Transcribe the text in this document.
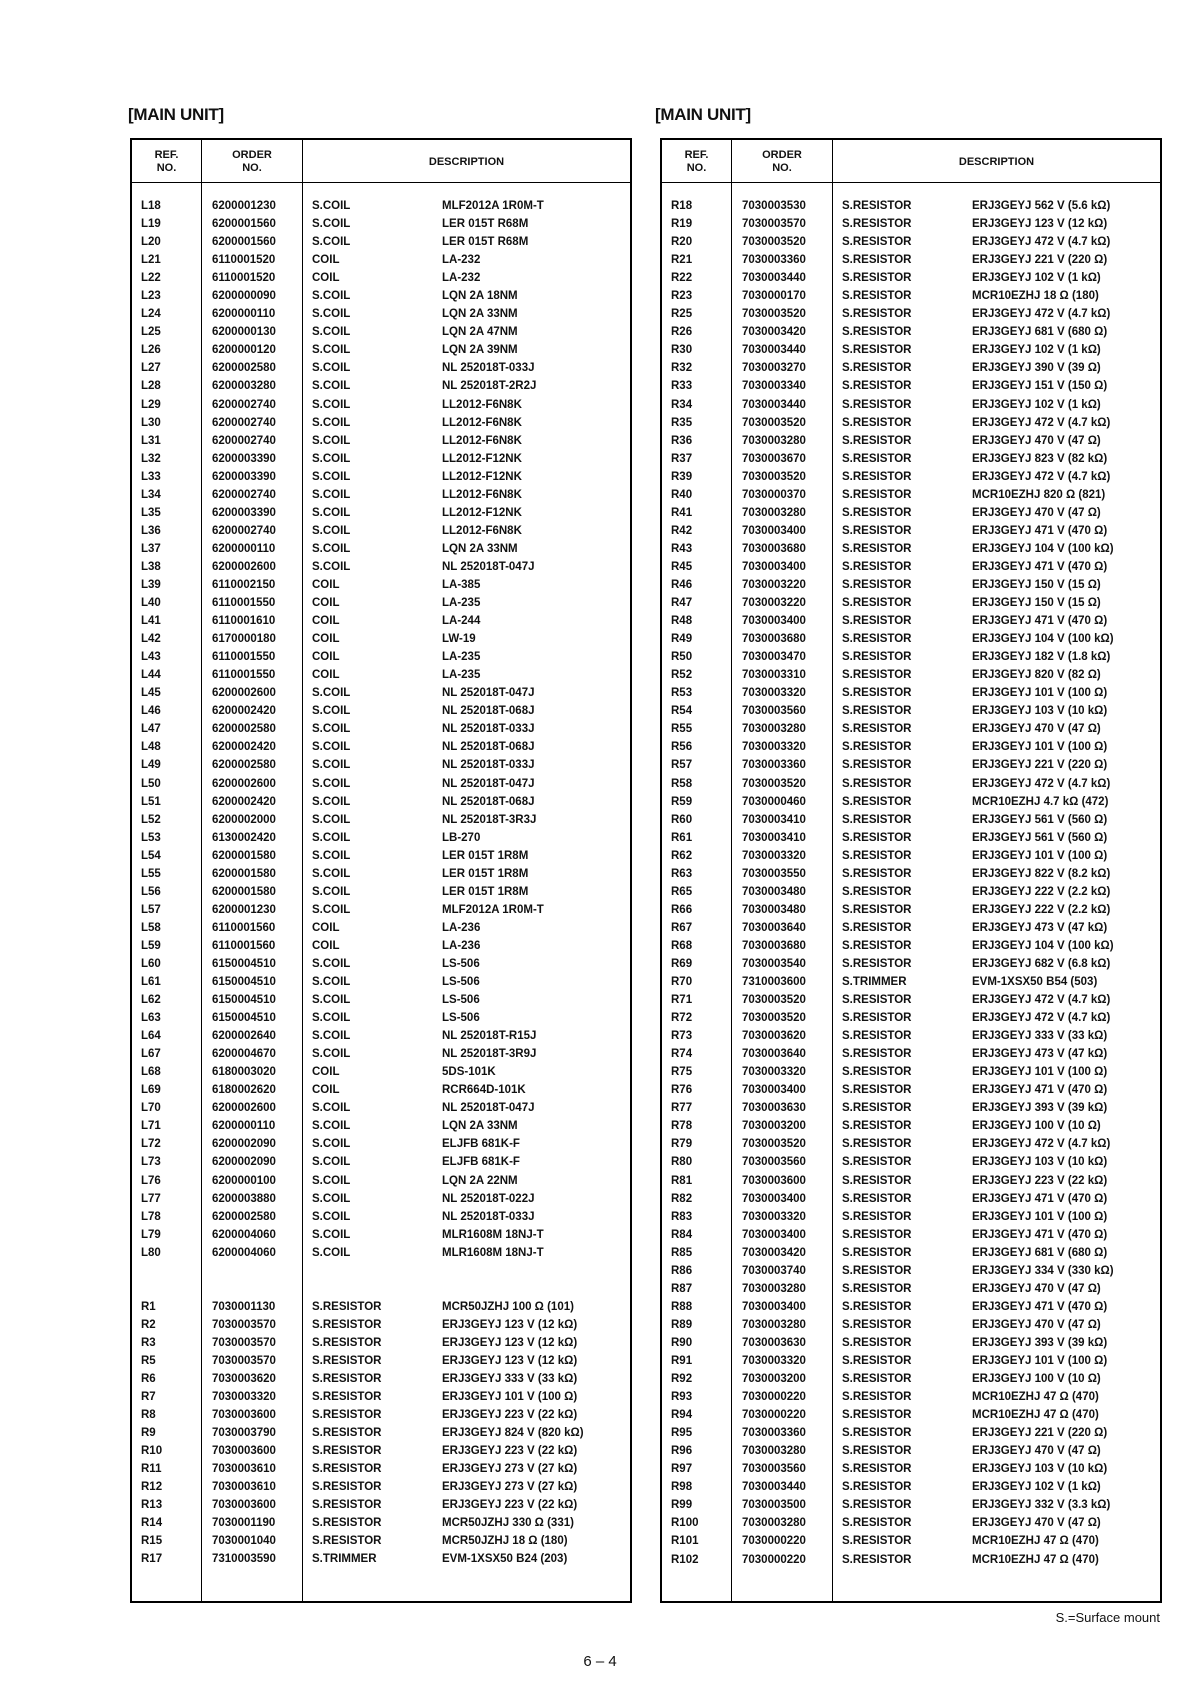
[MAIN UNIT]
REF.
NO.
ORDER
NO.
DESCRIPTION
L18	6200001230	S.COIL	MLF2012A 1R0M-T
L19	6200001560	S.COIL	LER 015T R68M
L20	6200001560	S.COIL	LER 015T R68M
L21	6110001520	COIL	LA-232
L22	6110001520	COIL	LA-232
L23	6200000090	S.COIL	LQN 2A 18NM
L24	6200000110	S.COIL	LQN 2A 33NM
L25	6200000130	S.COIL	LQN 2A 47NM
L26	6200000120	S.COIL	LQN 2A 39NM
L27	6200002580	S.COIL	NL 252018T-033J
L28	6200003280	S.COIL	NL 252018T-2R2J
L29	6200002740	S.COIL	LL2012-F6N8K
L30	6200002740	S.COIL	LL2012-F6N8K
L31	6200002740	S.COIL	LL2012-F6N8K
L32	6200003390	S.COIL	LL2012-F12NK
L33	6200003390	S.COIL	LL2012-F12NK
L34	6200002740	S.COIL	LL2012-F6N8K
L35	6200003390	S.COIL	LL2012-F12NK
L36	6200002740	S.COIL	LL2012-F6N8K
L37	6200000110	S.COIL	LQN 2A 33NM
L38	6200002600	S.COIL	NL 252018T-047J
L39	6110002150	COIL	LA-385
L40	6110001550	COIL	LA-235
L41	6110001610	COIL	LA-244
L42	6170000180	COIL	LW-19
L43	6110001550	COIL	LA-235
L44	6110001550	COIL	LA-235
L45	6200002600	S.COIL	NL 252018T-047J
L46	6200002420	S.COIL	NL 252018T-068J
L47	6200002580	S.COIL	NL 252018T-033J
L48	6200002420	S.COIL	NL 252018T-068J
L49	6200002580	S.COIL	NL 252018T-033J
L50	6200002600	S.COIL	NL 252018T-047J
L51	6200002420	S.COIL	NL 252018T-068J
L52	6200002000	S.COIL	NL 252018T-3R3J
L53	6130002420	S.COIL	LB-270
L54	6200001580	S.COIL	LER 015T 1R8M
L55	6200001580	S.COIL	LER 015T 1R8M
L56	6200001580	S.COIL	LER 015T 1R8M
L57	6200001230	S.COIL	MLF2012A 1R0M-T
L58	6110001560	COIL	LA-236
L59	6110001560	COIL	LA-236
L60	6150004510	S.COIL	LS-506
L61	6150004510	S.COIL	LS-506
L62	6150004510	S.COIL	LS-506
L63	6150004510	S.COIL	LS-506
L64	6200002640	S.COIL	NL 252018T-R15J
L67	6200004670	S.COIL	NL 252018T-3R9J
L68	6180003020	COIL	5DS-101K
L69	6180002620	COIL	RCR664D-101K
L70	6200002600	S.COIL	NL 252018T-047J
L71	6200000110	S.COIL	LQN 2A 33NM
L72	6200002090	S.COIL	ELJFB 681K-F
L73	6200002090	S.COIL	ELJFB 681K-F
L76	6200000100	S.COIL	LQN 2A 22NM
L77	6200003880	S.COIL	NL 252018T-022J
L78	6200002580	S.COIL	NL 252018T-033J
L79	6200004060	S.COIL	MLR1608M 18NJ-T
L80	6200004060	S.COIL	MLR1608M 18NJ-T
R1	7030001130	S.RESISTOR	MCR50JZHJ 100 Ω (101)
R2	7030003570	S.RESISTOR	ERJ3GEYJ 123 V (12 kΩ)
R3	7030003570	S.RESISTOR	ERJ3GEYJ 123 V (12 kΩ)
R5	7030003570	S.RESISTOR	ERJ3GEYJ 123 V (12 kΩ)
R6	7030003620	S.RESISTOR	ERJ3GEYJ 333 V (33 kΩ)
R7	7030003320	S.RESISTOR	ERJ3GEYJ 101 V (100 Ω)
R8	7030003600	S.RESISTOR	ERJ3GEYJ 223 V (22 kΩ)
R9	7030003790	S.RESISTOR	ERJ3GEYJ 824 V (820 kΩ)
R10	7030003600	S.RESISTOR	ERJ3GEYJ 223 V (22 kΩ)
R11	7030003610	S.RESISTOR	ERJ3GEYJ 273 V (27 kΩ)
R12	7030003610	S.RESISTOR	ERJ3GEYJ 273 V (27 kΩ)
R13	7030003600	S.RESISTOR	ERJ3GEYJ 223 V (22 kΩ)
R14	7030001190	S.RESISTOR	MCR50JZHJ 330 Ω (331)
R15	7030001040	S.RESISTOR	MCR50JZHJ 18 Ω (180)
R17	7310003590	S.TRIMMER	EVM-1XSX50 B24 (203)
[MAIN UNIT]
REF.
NO.
ORDER
NO.
DESCRIPTION
R18	7030003530	S.RESISTOR	ERJ3GEYJ 562 V (5.6 kΩ)
R19	7030003570	S.RESISTOR	ERJ3GEYJ 123 V (12 kΩ)
R20	7030003520	S.RESISTOR	ERJ3GEYJ 472 V (4.7 kΩ)
R21	7030003360	S.RESISTOR	ERJ3GEYJ 221 V (220 Ω)
R22	7030003440	S.RESISTOR	ERJ3GEYJ 102 V (1 kΩ)
R23	7030000170	S.RESISTOR	MCR10EZHJ 18 Ω (180)
R25	7030003520	S.RESISTOR	ERJ3GEYJ 472 V (4.7 kΩ)
R26	7030003420	S.RESISTOR	ERJ3GEYJ 681 V (680 Ω)
R30	7030003440	S.RESISTOR	ERJ3GEYJ 102 V (1 kΩ)
R32	7030003270	S.RESISTOR	ERJ3GEYJ 390 V (39 Ω)
R33	7030003340	S.RESISTOR	ERJ3GEYJ 151 V (150 Ω)
R34	7030003440	S.RESISTOR	ERJ3GEYJ 102 V (1 kΩ)
R35	7030003520	S.RESISTOR	ERJ3GEYJ 472 V (4.7 kΩ)
R36	7030003280	S.RESISTOR	ERJ3GEYJ 470 V (47 Ω)
R37	7030003670	S.RESISTOR	ERJ3GEYJ 823 V (82 kΩ)
R39	7030003520	S.RESISTOR	ERJ3GEYJ 472 V (4.7 kΩ)
R40	7030000370	S.RESISTOR	MCR10EZHJ 820 Ω (821)
R41	7030003280	S.RESISTOR	ERJ3GEYJ 470 V (47 Ω)
R42	7030003400	S.RESISTOR	ERJ3GEYJ 471 V (470 Ω)
R43	7030003680	S.RESISTOR	ERJ3GEYJ 104 V (100 kΩ)
R45	7030003400	S.RESISTOR	ERJ3GEYJ 471 V (470 Ω)
R46	7030003220	S.RESISTOR	ERJ3GEYJ 150 V (15 Ω)
R47	7030003220	S.RESISTOR	ERJ3GEYJ 150 V (15 Ω)
R48	7030003400	S.RESISTOR	ERJ3GEYJ 471 V (470 Ω)
R49	7030003680	S.RESISTOR	ERJ3GEYJ 104 V (100 kΩ)
R50	7030003470	S.RESISTOR	ERJ3GEYJ 182 V (1.8 kΩ)
R52	7030003310	S.RESISTOR	ERJ3GEYJ 820 V (82 Ω)
R53	7030003320	S.RESISTOR	ERJ3GEYJ 101 V (100 Ω)
R54	7030003560	S.RESISTOR	ERJ3GEYJ 103 V (10 kΩ)
R55	7030003280	S.RESISTOR	ERJ3GEYJ 470 V (47 Ω)
R56	7030003320	S.RESISTOR	ERJ3GEYJ 101 V (100 Ω)
R57	7030003360	S.RESISTOR	ERJ3GEYJ 221 V (220 Ω)
R58	7030003520	S.RESISTOR	ERJ3GEYJ 472 V (4.7 kΩ)
R59	7030000460	S.RESISTOR	MCR10EZHJ 4.7 kΩ (472)
R60	7030003410	S.RESISTOR	ERJ3GEYJ 561 V (560 Ω)
R61	7030003410	S.RESISTOR	ERJ3GEYJ 561 V (560 Ω)
R62	7030003320	S.RESISTOR	ERJ3GEYJ 101 V (100 Ω)
R63	7030003550	S.RESISTOR	ERJ3GEYJ 822 V (8.2 kΩ)
R65	7030003480	S.RESISTOR	ERJ3GEYJ 222 V (2.2 kΩ)
R66	7030003480	S.RESISTOR	ERJ3GEYJ 222 V (2.2 kΩ)
R67	7030003640	S.RESISTOR	ERJ3GEYJ 473 V (47 kΩ)
R68	7030003680	S.RESISTOR	ERJ3GEYJ 104 V (100 kΩ)
R69	7030003540	S.RESISTOR	ERJ3GEYJ 682 V (6.8 kΩ)
R70	7310003600	S.TRIMMER	EVM-1XSX50 B54 (503)
R71	7030003520	S.RESISTOR	ERJ3GEYJ 472 V (4.7 kΩ)
R72	7030003520	S.RESISTOR	ERJ3GEYJ 472 V (4.7 kΩ)
R73	7030003620	S.RESISTOR	ERJ3GEYJ 333 V (33 kΩ)
R74	7030003640	S.RESISTOR	ERJ3GEYJ 473 V (47 kΩ)
R75	7030003320	S.RESISTOR	ERJ3GEYJ 101 V (100 Ω)
R76	7030003400	S.RESISTOR	ERJ3GEYJ 471 V (470 Ω)
R77	7030003630	S.RESISTOR	ERJ3GEYJ 393 V (39 kΩ)
R78	7030003200	S.RESISTOR	ERJ3GEYJ 100 V (10 Ω)
R79	7030003520	S.RESISTOR	ERJ3GEYJ 472 V (4.7 kΩ)
R80	7030003560	S.RESISTOR	ERJ3GEYJ 103 V (10 kΩ)
R81	7030003600	S.RESISTOR	ERJ3GEYJ 223 V (22 kΩ)
R82	7030003400	S.RESISTOR	ERJ3GEYJ 471 V (470 Ω)
R83	7030003320	S.RESISTOR	ERJ3GEYJ 101 V (100 Ω)
R84	7030003400	S.RESISTOR	ERJ3GEYJ 471 V (470 Ω)
R85	7030003420	S.RESISTOR	ERJ3GEYJ 681 V (680 Ω)
R86	7030003740	S.RESISTOR	ERJ3GEYJ 334 V (330 kΩ)
R87	7030003280	S.RESISTOR	ERJ3GEYJ 470 V (47 Ω)
R88	7030003400	S.RESISTOR	ERJ3GEYJ 471 V (470 Ω)
R89	7030003280	S.RESISTOR	ERJ3GEYJ 470 V (47 Ω)
R90	7030003630	S.RESISTOR	ERJ3GEYJ 393 V (39 kΩ)
R91	7030003320	S.RESISTOR	ERJ3GEYJ 101 V (100 Ω)
R92	7030003200	S.RESISTOR	ERJ3GEYJ 100 V (10 Ω)
R93	7030000220	S.RESISTOR	MCR10EZHJ 47 Ω (470)
R94	7030000220	S.RESISTOR	MCR10EZHJ 47 Ω (470)
R95	7030003360	S.RESISTOR	ERJ3GEYJ 221 V (220 Ω)
R96	7030003280	S.RESISTOR	ERJ3GEYJ 470 V (47 Ω)
R97	7030003560	S.RESISTOR	ERJ3GEYJ 103 V (10 kΩ)
R98	7030003440	S.RESISTOR	ERJ3GEYJ 102 V (1 kΩ)
R99	7030003500	S.RESISTOR	ERJ3GEYJ 332 V (3.3 kΩ)
R100	7030003280	S.RESISTOR	ERJ3GEYJ 470 V (47 Ω)
R101	7030000220	S.RESISTOR	MCR10EZHJ 47 Ω (470)
R102	7030000220	S.RESISTOR	MCR10EZHJ 47 Ω (470)
S.=Surface mount
6 – 4
